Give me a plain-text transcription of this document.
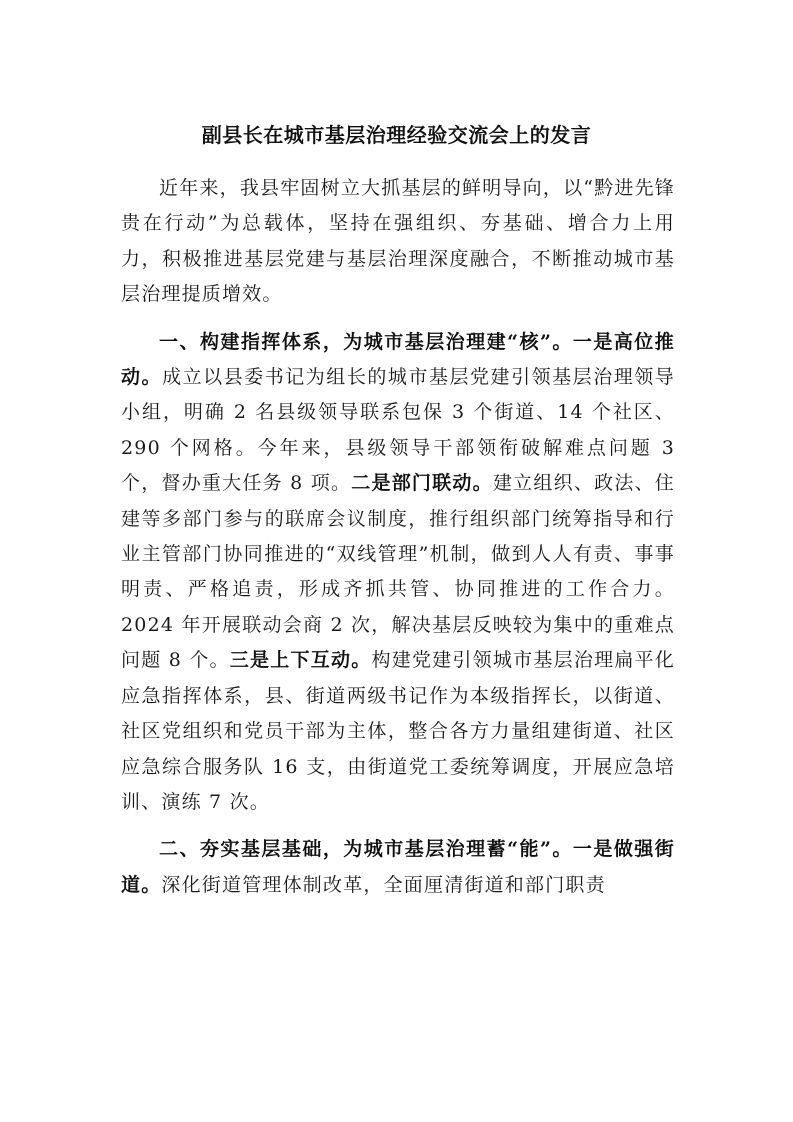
副县长在城市基层治理经验交流会上的发言

近年来，我县牢固树立大抓基层的鲜明导向，以“黔进先锋贵在行动”为总载体，坚持在强组织、夯基础、增合力上用力，积极推进基层党建与基层治理深度融合，不断推动城市基层治理提质增效。

一、构建指挥体系，为城市基层治理建“核”。一是高位推动。成立以县委书记为组长的城市基层党建引领基层治理领导小组，明确 2 名县级领导联系包保 3 个街道、14 个社区、290 个网格。今年来，县级领导干部领衔破解难点问题 3 个，督办重大任务 8 项。二是部门联动。建立组织、政法、住建等多部门参与的联席会议制度，推行组织部门统筹指导和行业主管部门协同推进的“双线管理”机制，做到人人有责、事事明责、严格追责，形成齐抓共管、协同推进的工作合力。2024 年开展联动会商 2 次，解决基层反映较为集中的重难点问题 8 个。三是上下互动。构建党建引领城市基层治理扁平化应急指挥体系，县、街道两级书记作为本级指挥长，以街道、社区党组织和党员干部为主体，整合各方力量组建街道、社区应急综合服务队 16 支，由街道党工委统筹调度，开展应急培训、演练 7 次。

二、夯实基层基础，为城市基层治理蓄“能”。一是做强街道。深化街道管理体制改革，全面厘清街道和部门职责
